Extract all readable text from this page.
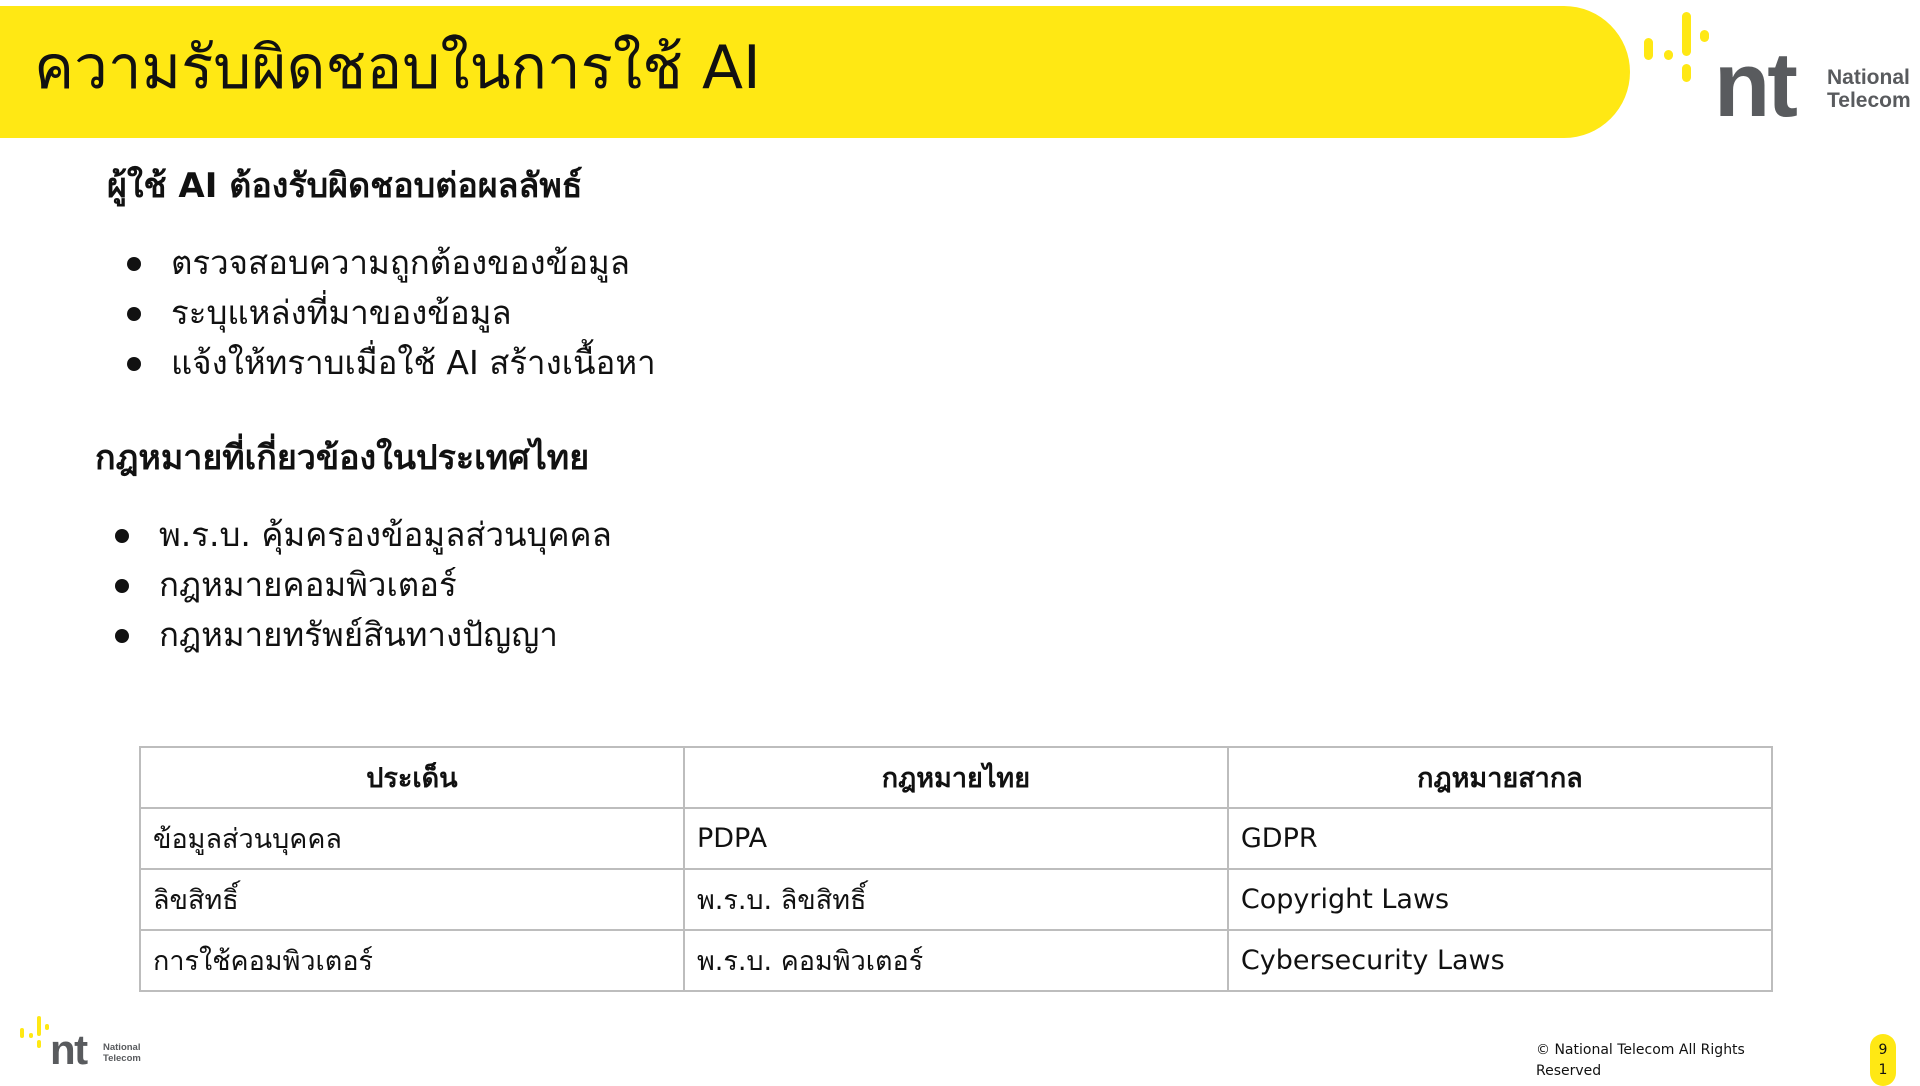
ความรับผิดชอบในการใช้ AI	nt National
Telecom
ผู้ใช้ AI ต้องรับผิดชอบต่อผลลัพธ์
ตรวจสอบความถูกต้องของข้อมูล
ระบุแหล่งที่มาของข้อมูล
แจ้งให้ทราบเมื่อใช้ AI สร้างเนื้อหา
กฎหมายที่เกี่ยวข้องในประเทศไทย
พ.ร.บ. คุ้มครองข้อมูลส่วนบุคคล
กฎหมายคอมพิวเตอร์
กฎหมายทรัพย์สินทางปัญญา
ประเด็น	กฎหมายไทย	กฎหมายสากล
ข้อมูลส่วนบุคคล	PDPA	GDPR
ลิขสิทธิ์	พ.ร.บ. ลิขสิทธิ์	Copyright Laws
การใช้คอมพิวเตอร์	พ.ร.บ. คอมพิวเตอร์	Cybersecurity Laws
nt National
Telecom
© National Telecom All Rights
Reserved
9
1
